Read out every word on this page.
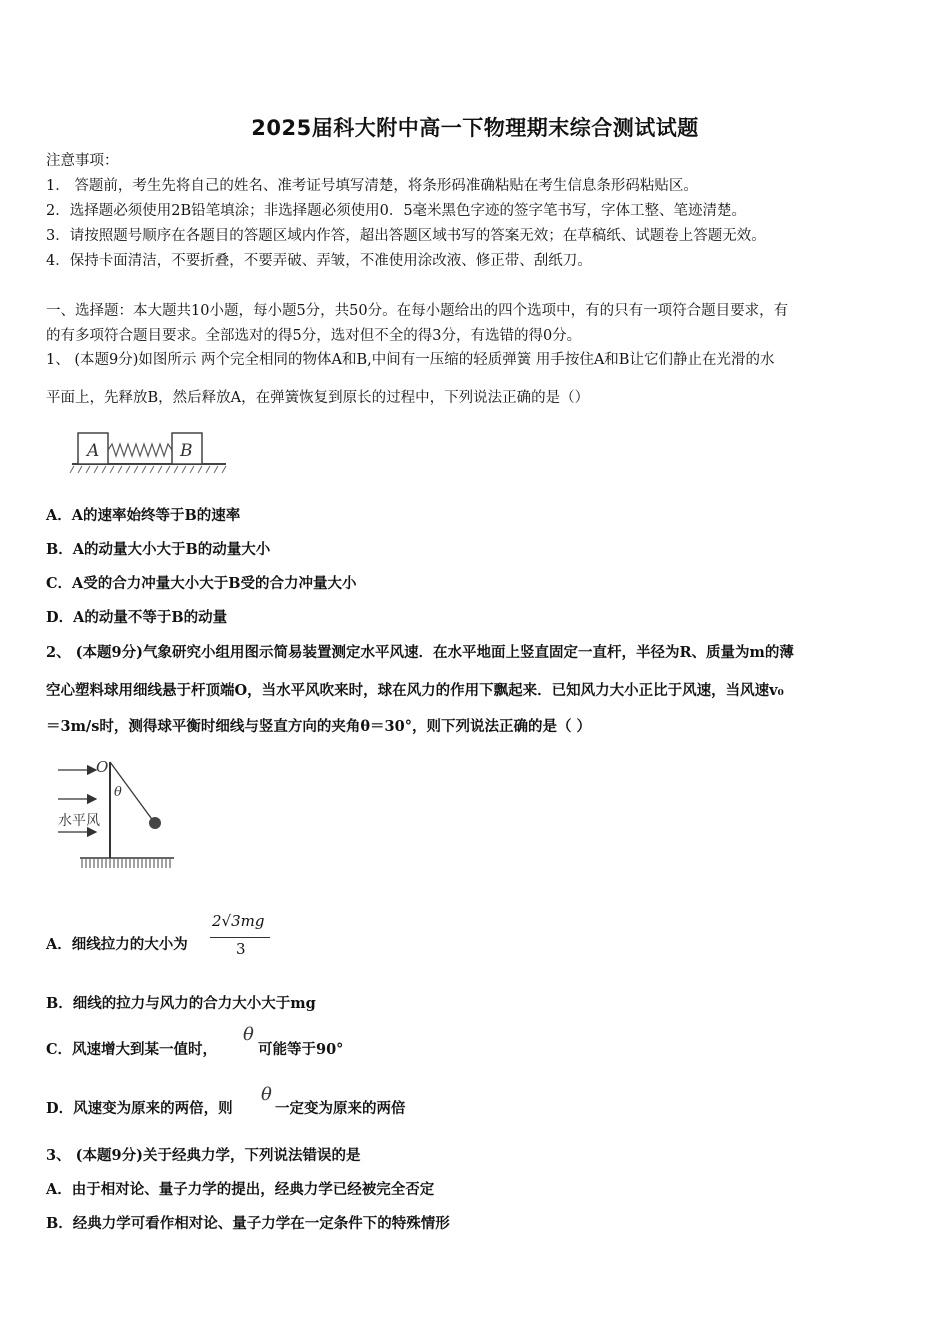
2025届科大附中高一下物理期末综合测试试题
注意事项：
1． 答题前，考生先将自己的姓名、准考证号填写清楚，将条形码准确粘贴在考生信息条形码粘贴区。
2．选择题必须使用2B铅笔填涂；非选择题必须使用0．5毫米黑色字迹的签字笔书写，字体工整、笔迹清楚。
3．请按照题号顺序在各题目的答题区域内作答，超出答题区域书写的答案无效；在草稿纸、试题卷上答题无效。
4．保持卡面清洁，不要折叠，不要弄破、弄皱，不准使用涂改液、修正带、刮纸刀。
一、选择题：本大题共10小题，每小题5分，共50分。在每小题给出的四个选项中，有的只有一项符合题目要求，有
的有多项符合题目要求。全部选对的得5分，选对但不全的得3分，有选错的得0分。
1、 (本题9分)如图所示 两个完全相同的物体A和B,中间有一压缩的轻质弹簧 用手按住A和B让它们静止在光滑的水
平面上，先释放B，然后释放A，在弹簧恢复到原长的过程中，下列说法正确的是（）
A	B
A．A的速率始终等于B的速率
B．A的动量大小大于B的动量大小
C．A受的合力冲量大小大于B受的合力冲量大小
D．A的动量不等于B的动量
2、 (本题9分)气象研究小组用图示简易装置测定水平风速．在水平地面上竖直固定一直杆，半径为R、质量为m的薄
空心塑料球用细线悬于杆顶端O，当水平风吹来时，球在风力的作用下飘起来．已知风力大小正比于风速，当风速v₀
＝3m/s时，测得球平衡时细线与竖直方向的夹角θ＝30°，则下列说法正确的是（ ）
O
θ
水平风
A．细线拉力的大小为
2√3mg
3
B．细线的拉力与风力的合力大小大于mg
C．风速增大到某一值时，
θ
可能等于90°
D．风速变为原来的两倍，则
θ
一定变为原来的两倍
3、 (本题9分)关于经典力学，下列说法错误的是
A．由于相对论、量子力学的提出，经典力学已经被完全否定
B．经典力学可看作相对论、量子力学在一定条件下的特殊情形
